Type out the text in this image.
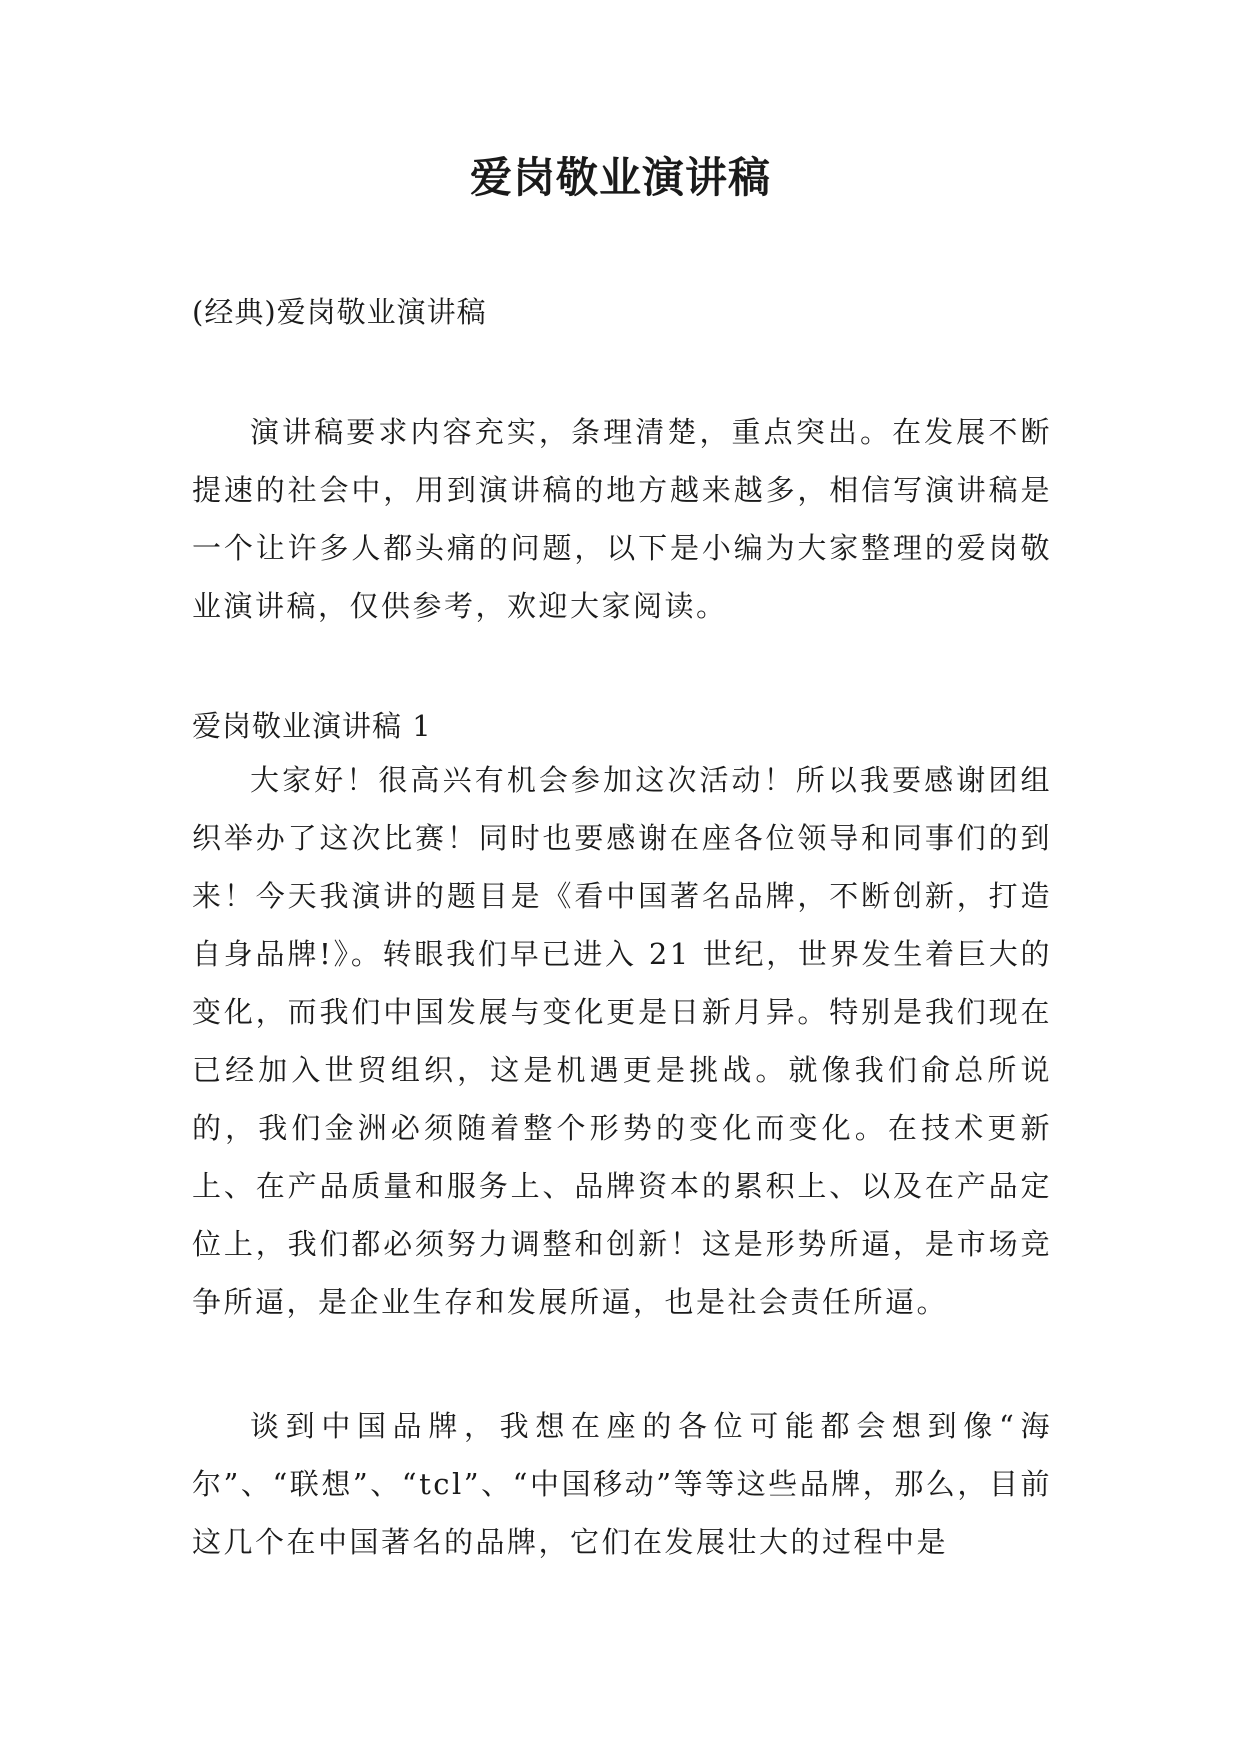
爱岗敬业演讲稿
(经典)爱岗敬业演讲稿

演讲稿要求内容充实，条理清楚，重点突出。在发展不断提速的社会中，用到演讲稿的地方越来越多，相信写演讲稿是一个让许多人都头痛的问题，以下是小编为大家整理的爱岗敬业演讲稿，仅供参考，欢迎大家阅读。

爱岗敬业演讲稿 1

大家好！很高兴有机会参加这次活动！所以我要感谢团组织举办了这次比赛！同时也要感谢在座各位领导和同事们的到来！今天我演讲的题目是《看中国著名品牌，不断创新，打造自身品牌!》。转眼我们早已进入 21 世纪，世界发生着巨大的变化，而我们中国发展与变化更是日新月异。特别是我们现在已经加入世贸组织，这是机遇更是挑战。就像我们俞总所说的，我们金洲必须随着整个形势的变化而变化。在技术更新上、在产品质量和服务上、品牌资本的累积上、以及在产品定位上，我们都必须努力调整和创新！这是形势所逼，是市场竞争所逼，是企业生存和发展所逼，也是社会责任所逼。

谈到中国品牌，我想在座的各位可能都会想到像“海尔”、“联想”、“tcl”、“中国移动”等等这些品牌，那么，目前这几个在中国著名的品牌，它们在发展壮大的过程中是
